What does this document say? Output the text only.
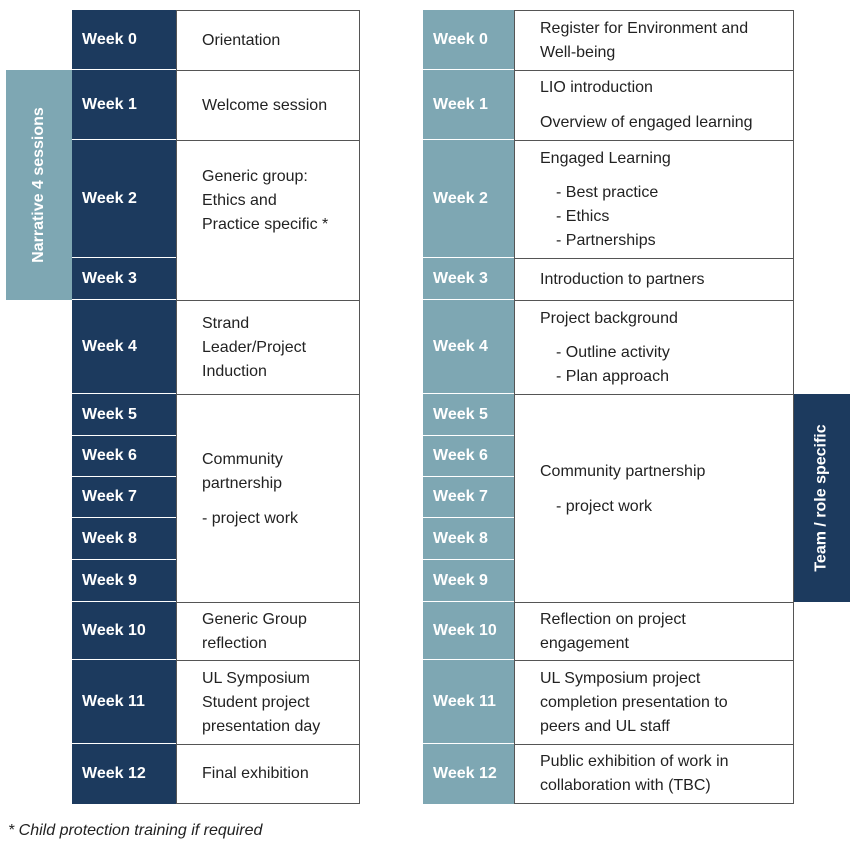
Narrative 4 sessions
Team / role specific
Week 0
Week 1
Week 2
Week 3
Week 4
Week 5
Week 6
Week 7
Week 8
Week 9
Week 10
Week 11
Week 12
Orientation
Welcome session
Generic group:
Ethics and
Practice specific *
Strand
Leader/Project
Induction
Community
partnership
- project work
Generic Group
reflection
UL Symposium
Student project
presentation day
Final exhibition
Week 0
Week 1
Week 2
Week 3
Week 4
Week 5
Week 6
Week 7
Week 8
Week 9
Week 10
Week 11
Week 12
Register for Environment and
Well-being
LIO introduction
Overview of engaged learning
Engaged Learning
- Best practice
- Ethics
- Partnerships
Introduction to partners
Project background
- Outline activity
- Plan approach
Community partnership
- project work
Reflection on project
engagement
UL Symposium project
completion presentation to
peers and UL staff
Public exhibition of work in
collaboration with (TBC)
* Child protection training if required
